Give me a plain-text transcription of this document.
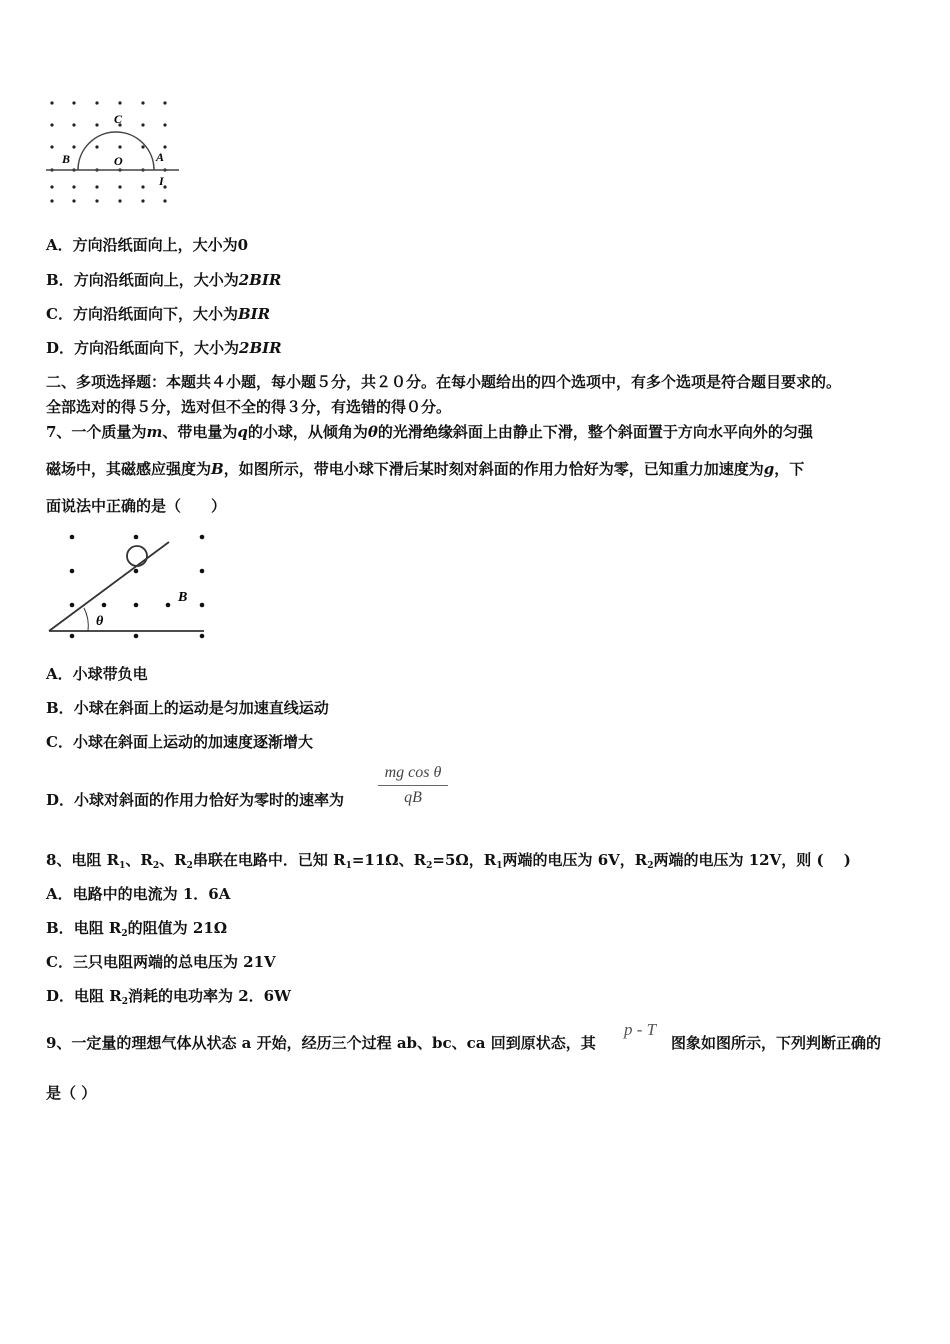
C
B	O	A
I
二、多项选择题：本题共４小题，每小题５分，共２０分。在每小题给出的四个选项中，有多个选项是符合题目要求的。
全部选对的得５分，选对但不全的得３分，有选错的得０分。
7、一个质量为m、带电量为q的小球，从倾角为θ的光滑绝缘斜面上由静止下滑，整个斜面置于方向水平向外的匀强
磁场中，其磁感应强度为B，如图所示，带电小球下滑后某时刻对斜面的作用力恰好为零，已知重力加速度为g，下
面说法中正确的是（　　）
θ
B
$\frac{\text{mg cos θ}}{qB}$
8、电阻 $R_1$、$R_2$、$R_2$串联在电路中．已知 $R_1=11\Omega$、$R_2=5\Omega$，$R_1$两端的电压为 6V，$R_2$两端的电压为 12V，则 (　 )
9、一定量的理想气体从状态 a 开始，经历三个过程 ab、bc、ca 回到原状态，其
p - T
图象如图所示，下列判断正确的
是（ ）
A．方向沿纸面向上，大小为0
B．方向沿纸面向上，大小为2BIR
C．方向沿纸面向下，大小为BIR
D．方向沿纸面向下，大小为2BIR
A．小球带负电
B．小球在斜面上的运动是匀加速直线运动
C．小球在斜面上运动的加速度逐渐增大
D．小球对斜面的作用力恰好为零时的速率为
A．电路中的电流为 1．6A
B．电阻 $R_2$的阻值为 21Ω
C．三只电阻两端的总电压为 21V
D．电阻 $R_2$消耗的电功率为 2．6W
